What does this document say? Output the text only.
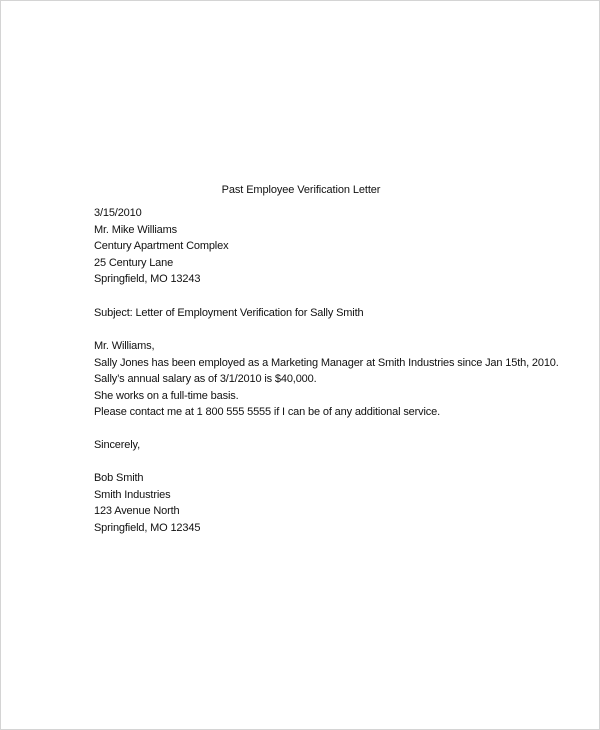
Past Employee Verification Letter
3/15/2010
Mr. Mike Williams
Century Apartment Complex
25 Century Lane
Springfield, MO 13243
Subject: Letter of Employment Verification for Sally Smith
Mr. Williams,
Sally Jones has been employed as a Marketing Manager at Smith Industries since Jan 15th, 2010.
Sally’s annual salary as of 3/1/2010 is $40,000.
She works on a full-time basis.
Please contact me at 1 800 555 5555 if I can be of any additional service.
Sincerely,
Bob Smith
Smith Industries
123 Avenue North
Springfield, MO 12345
